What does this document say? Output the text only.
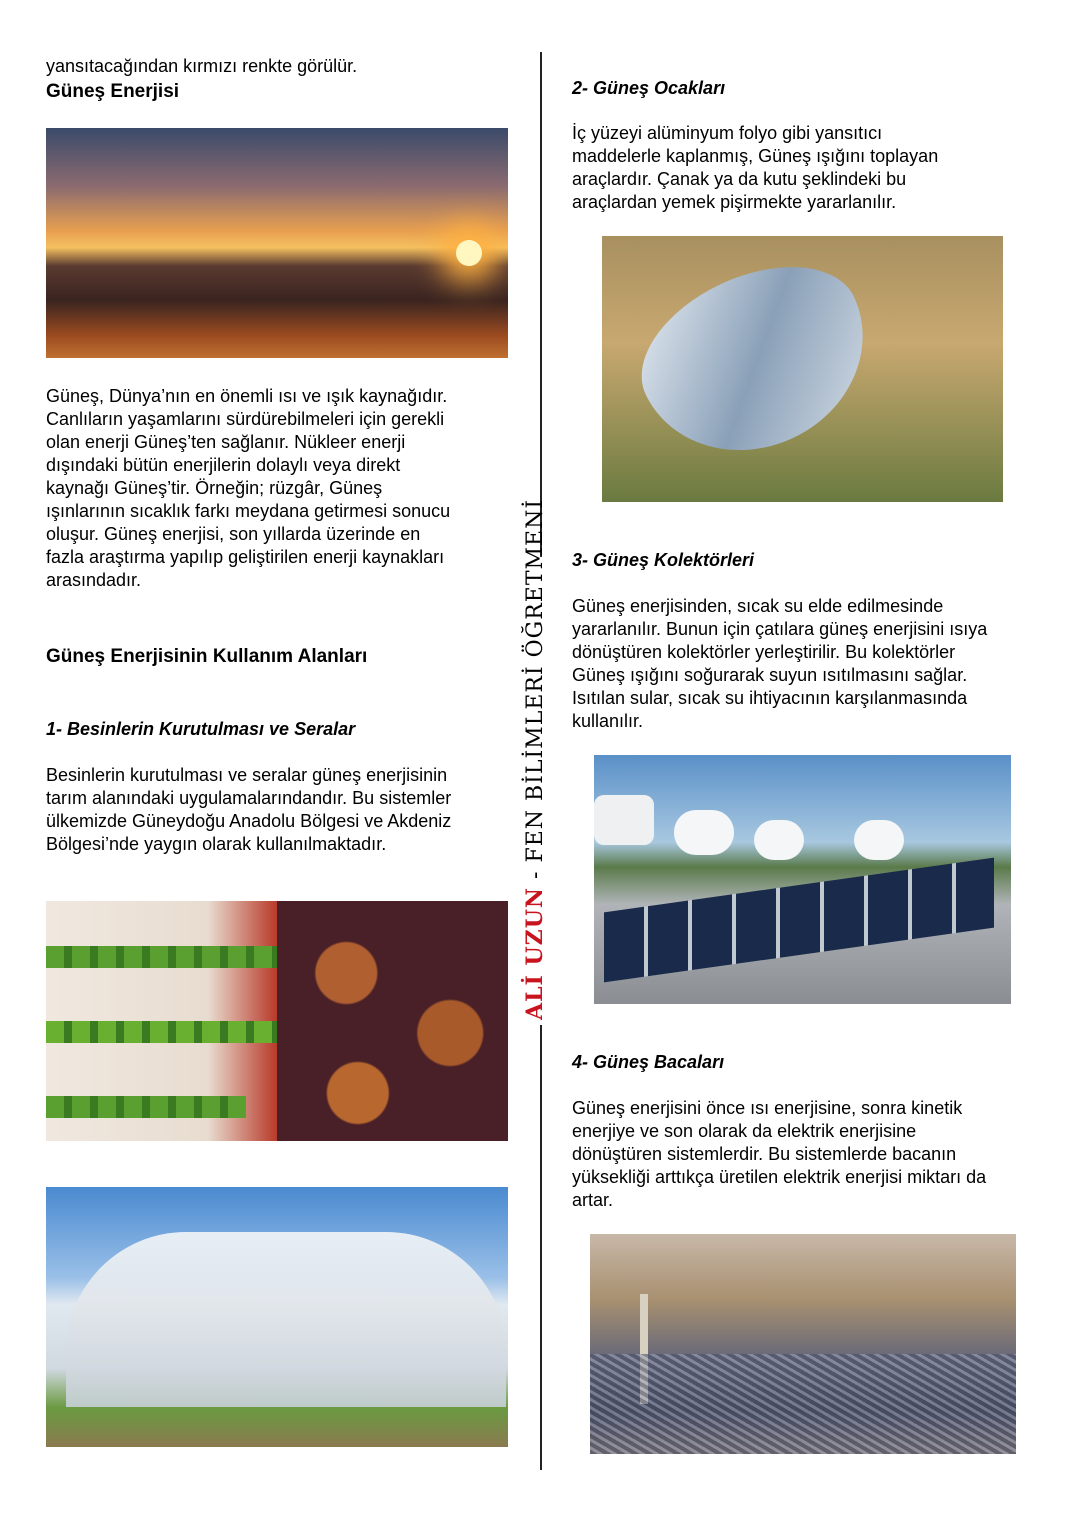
yansıtacağından kırmızı renkte görülür.
Güneş Enerjisi
Güneş, Dünya’nın en önemli ısı ve ışık kaynağıdır.
Canlıların yaşamlarını sürdürebilmeleri için gerekli
olan enerji Güneş’ten sağlanır. Nükleer enerji
dışındaki bütün enerjilerin dolaylı veya direkt
kaynağı Güneş’tir. Örneğin; rüzgâr, Güneş
ışınlarının sıcaklık farkı meydana getirmesi sonucu
oluşur. Güneş enerjisi, son yıllarda üzerinde en
fazla araştırma yapılıp geliştirilen enerji kaynakları
arasındadır.
Güneş Enerjisinin Kullanım Alanları
1- Besinlerin Kurutulması ve Seralar
Besinlerin kurutulması ve seralar güneş enerjisinin
tarım alanındaki uygulamalarındandır. Bu sistemler
ülkemizde Güneydoğu Anadolu Bölgesi ve Akdeniz
Bölgesi’nde yaygın olarak kullanılmaktadır.
ALİ UZUN - FEN BİLİMLERİ ÖĞRETMENİ
2- Güneş Ocakları
İç yüzeyi alüminyum folyo gibi yansıtıcı
maddelerle kaplanmış, Güneş ışığını toplayan
araçlardır. Çanak ya da kutu şeklindeki bu
araçlardan yemek pişirmekte yararlanılır.
3- Güneş Kolektörleri
Güneş enerjisinden, sıcak su elde edilmesinde
yararlanılır. Bunun için çatılara güneş enerjisini ısıya
dönüştüren kolektörler yerleştirilir. Bu kolektörler
Güneş ışığını soğurarak suyun ısıtılmasını sağlar.
Isıtılan sular, sıcak su ihtiyacının karşılanmasında
kullanılır.
4- Güneş Bacaları
Güneş enerjisini önce ısı enerjisine, sonra kinetik
enerjiye ve son olarak da elektrik enerjisine
dönüştüren sistemlerdir. Bu sistemlerde bacanın
yüksekliği arttıkça üretilen elektrik enerjisi miktarı da
artar.
